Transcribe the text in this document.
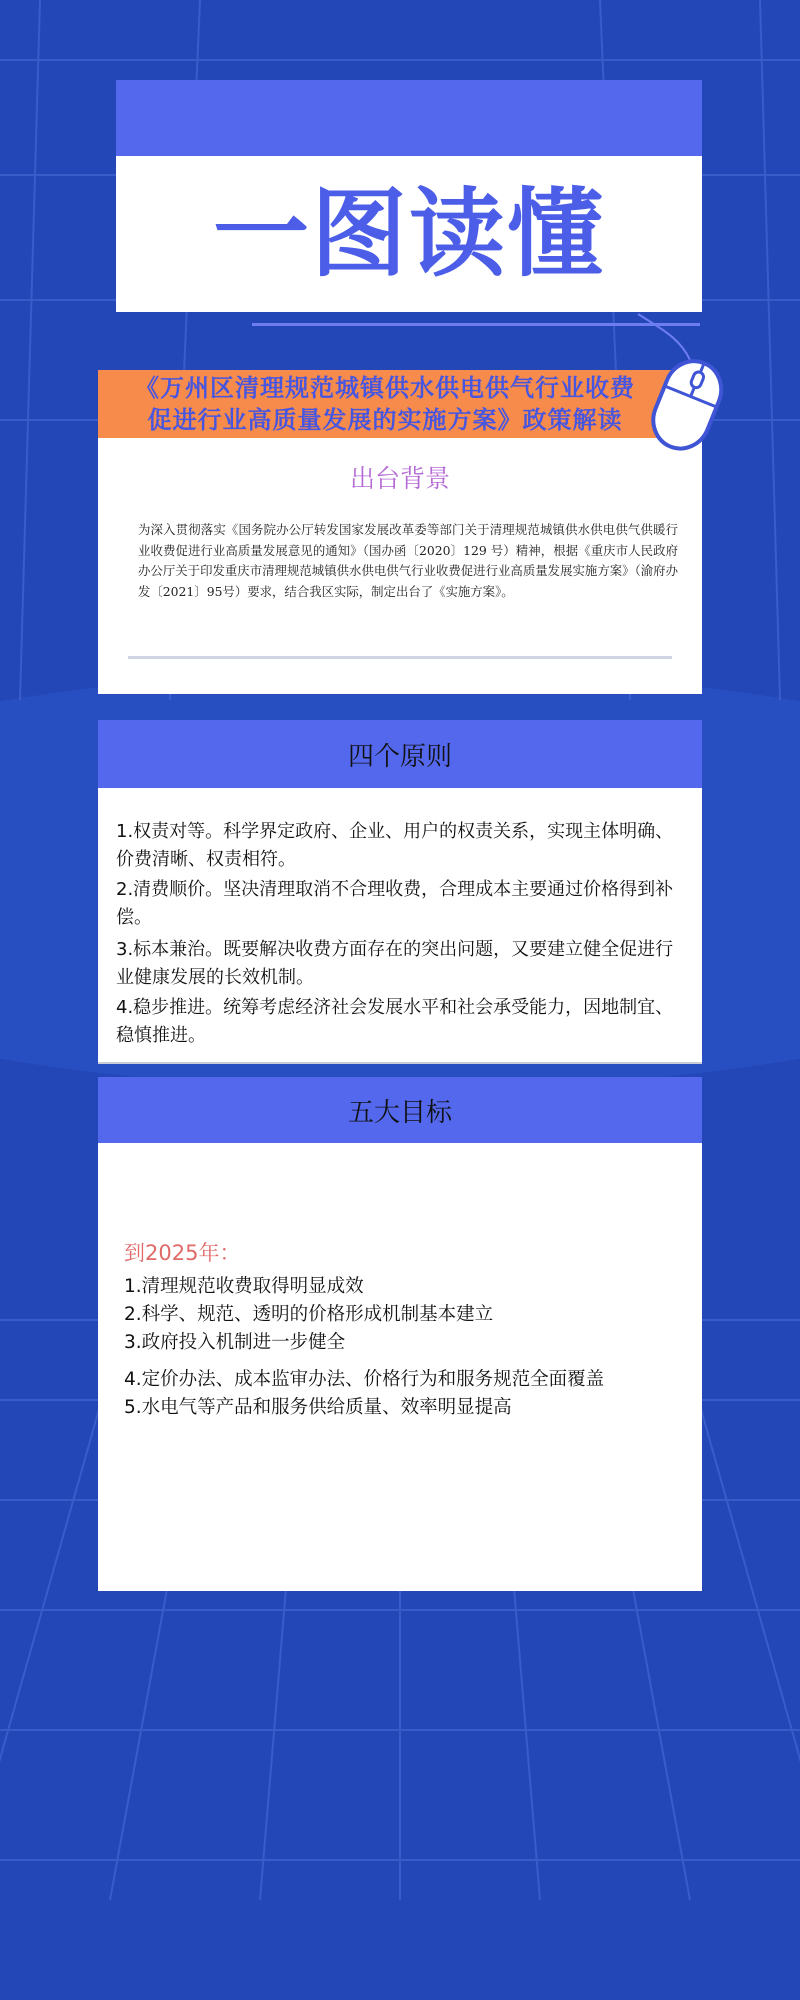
一图读懂
《万州区清理规范城镇供水供电供气行业收费
促进行业高质量发展的实施方案》政策解读
出台背景
为深入贯彻落实《国务院办公厅转发国家发展改革委等部门关于清理规范城镇供水供电供气供暖行业收费促进行业高质量发展意见的通知》（国办函〔2020〕129 号）精神，根据《重庆市人民政府办公厅关于印发重庆市清理规范城镇供水供电供气行业收费促进行业高质量发展实施方案》（渝府办发〔2021〕95号）要求，结合我区实际，制定出台了《实施方案》。
四个原则
1.权责对等。科学界定政府、企业、用户的权责关系，实现主体明确、价费清晰、权责相符。
2.清费顺价。坚决清理取消不合理收费，合理成本主要通过价格得到补偿。
3.标本兼治。既要解决收费方面存在的突出问题，又要建立健全促进行业健康发展的长效机制。
4.稳步推进。统筹考虑经济社会发展水平和社会承受能力，因地制宜、稳慎推进。
五大目标
到2025年：
1.清理规范收费取得明显成效
2.科学、规范、透明的价格形成机制基本建立
3.政府投入机制进一步健全
4.定价办法、成本监审办法、价格行为和服务规范全面覆盖
5.水电气等产品和服务供给质量、效率明显提高
